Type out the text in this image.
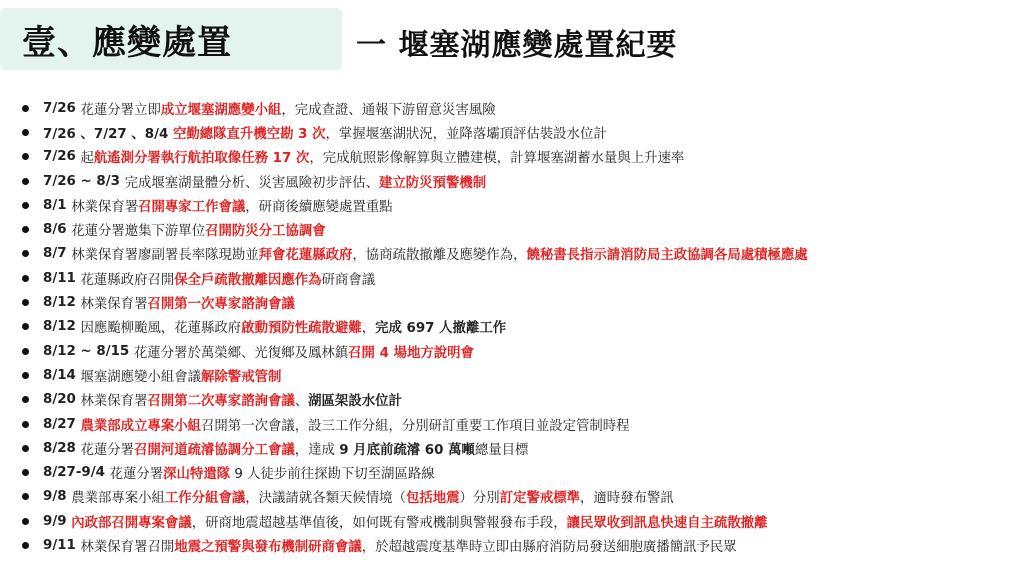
壹、應變處置	一 堰塞湖應變處置紀要
7/26 花蓮分署立即 成立堰塞湖應變小組 ，完成查證、通報下游留意災害風險
7/26 、7/27 、8/4 空勤總隊直升機空勘 3 次 ，掌握堰塞湖狀況，並降落壩頂評估裝設水位計
7/26 起 航遙測分署執行航拍取像任務 17 次 ，完成航照影像解算與立體建模，計算堰塞湖蓄水量與上升速率
7/26 ~ 8/3 完成堰塞湖量體分析、災害風險初步評估、 建立防災預警機制
8/1 林業保育署 召開專家工作會議 ，研商後續應變處置重點
8/6 花蓮分署邀集下游單位 召開防災分工協調會
8/7 林業保育署廖副署長率隊現勘並 拜會花蓮縣政府 ，協商疏散撤離及應變作為， 饒秘書長指示請消防局主政協調各局處積極應處
8/11 花蓮縣政府召開 保全戶疏散撤離因應作為 研商會議
8/12 林業保育署 召開第一次專家諮詢會議
8/12 因應颱柳颱風，花蓮縣政府 啟動預防性疏散避難 ， 完成 697 人撤離工作
8/12 ~ 8/15 花蓮分署於萬榮鄉、光復鄉及鳳林鎮 召開 4 場地方說明會
8/14 堰塞湖應變小組會議 解除警戒管制
8/20 林業保育署 召開第二次專家諮詢會議 、 湖區架設水位計
8/27 農業部成立專案小組 召開第一次會議，設三工作分組，分別研訂重要工作項目並設定管制時程
8/28 花蓮分署 召開河道疏濬協調分工會議 ，達成 9 月底前疏濬 60 萬噸 總量目標
8/27-9/4 花蓮分署 深山特遣隊 9 人徒步前往探勘下切至湖區路線
9/8 農業部專案小組 工作分組會議 ，決議請就各類天候情境（ 包括地震 ）分別 訂定警戒標準 ，適時發布警訊
9/9 內政部召開專案會議 ，研商地震超越基準值後，如何既有警戒機制與警報發布手段， 讓民眾收到訊息快速自主疏散撤離
9/11 林業保育署召開 地震之預警與發布機制研商會議 ，於超越震度基準時立即由縣府消防局發送細胞廣播簡訊予民眾
